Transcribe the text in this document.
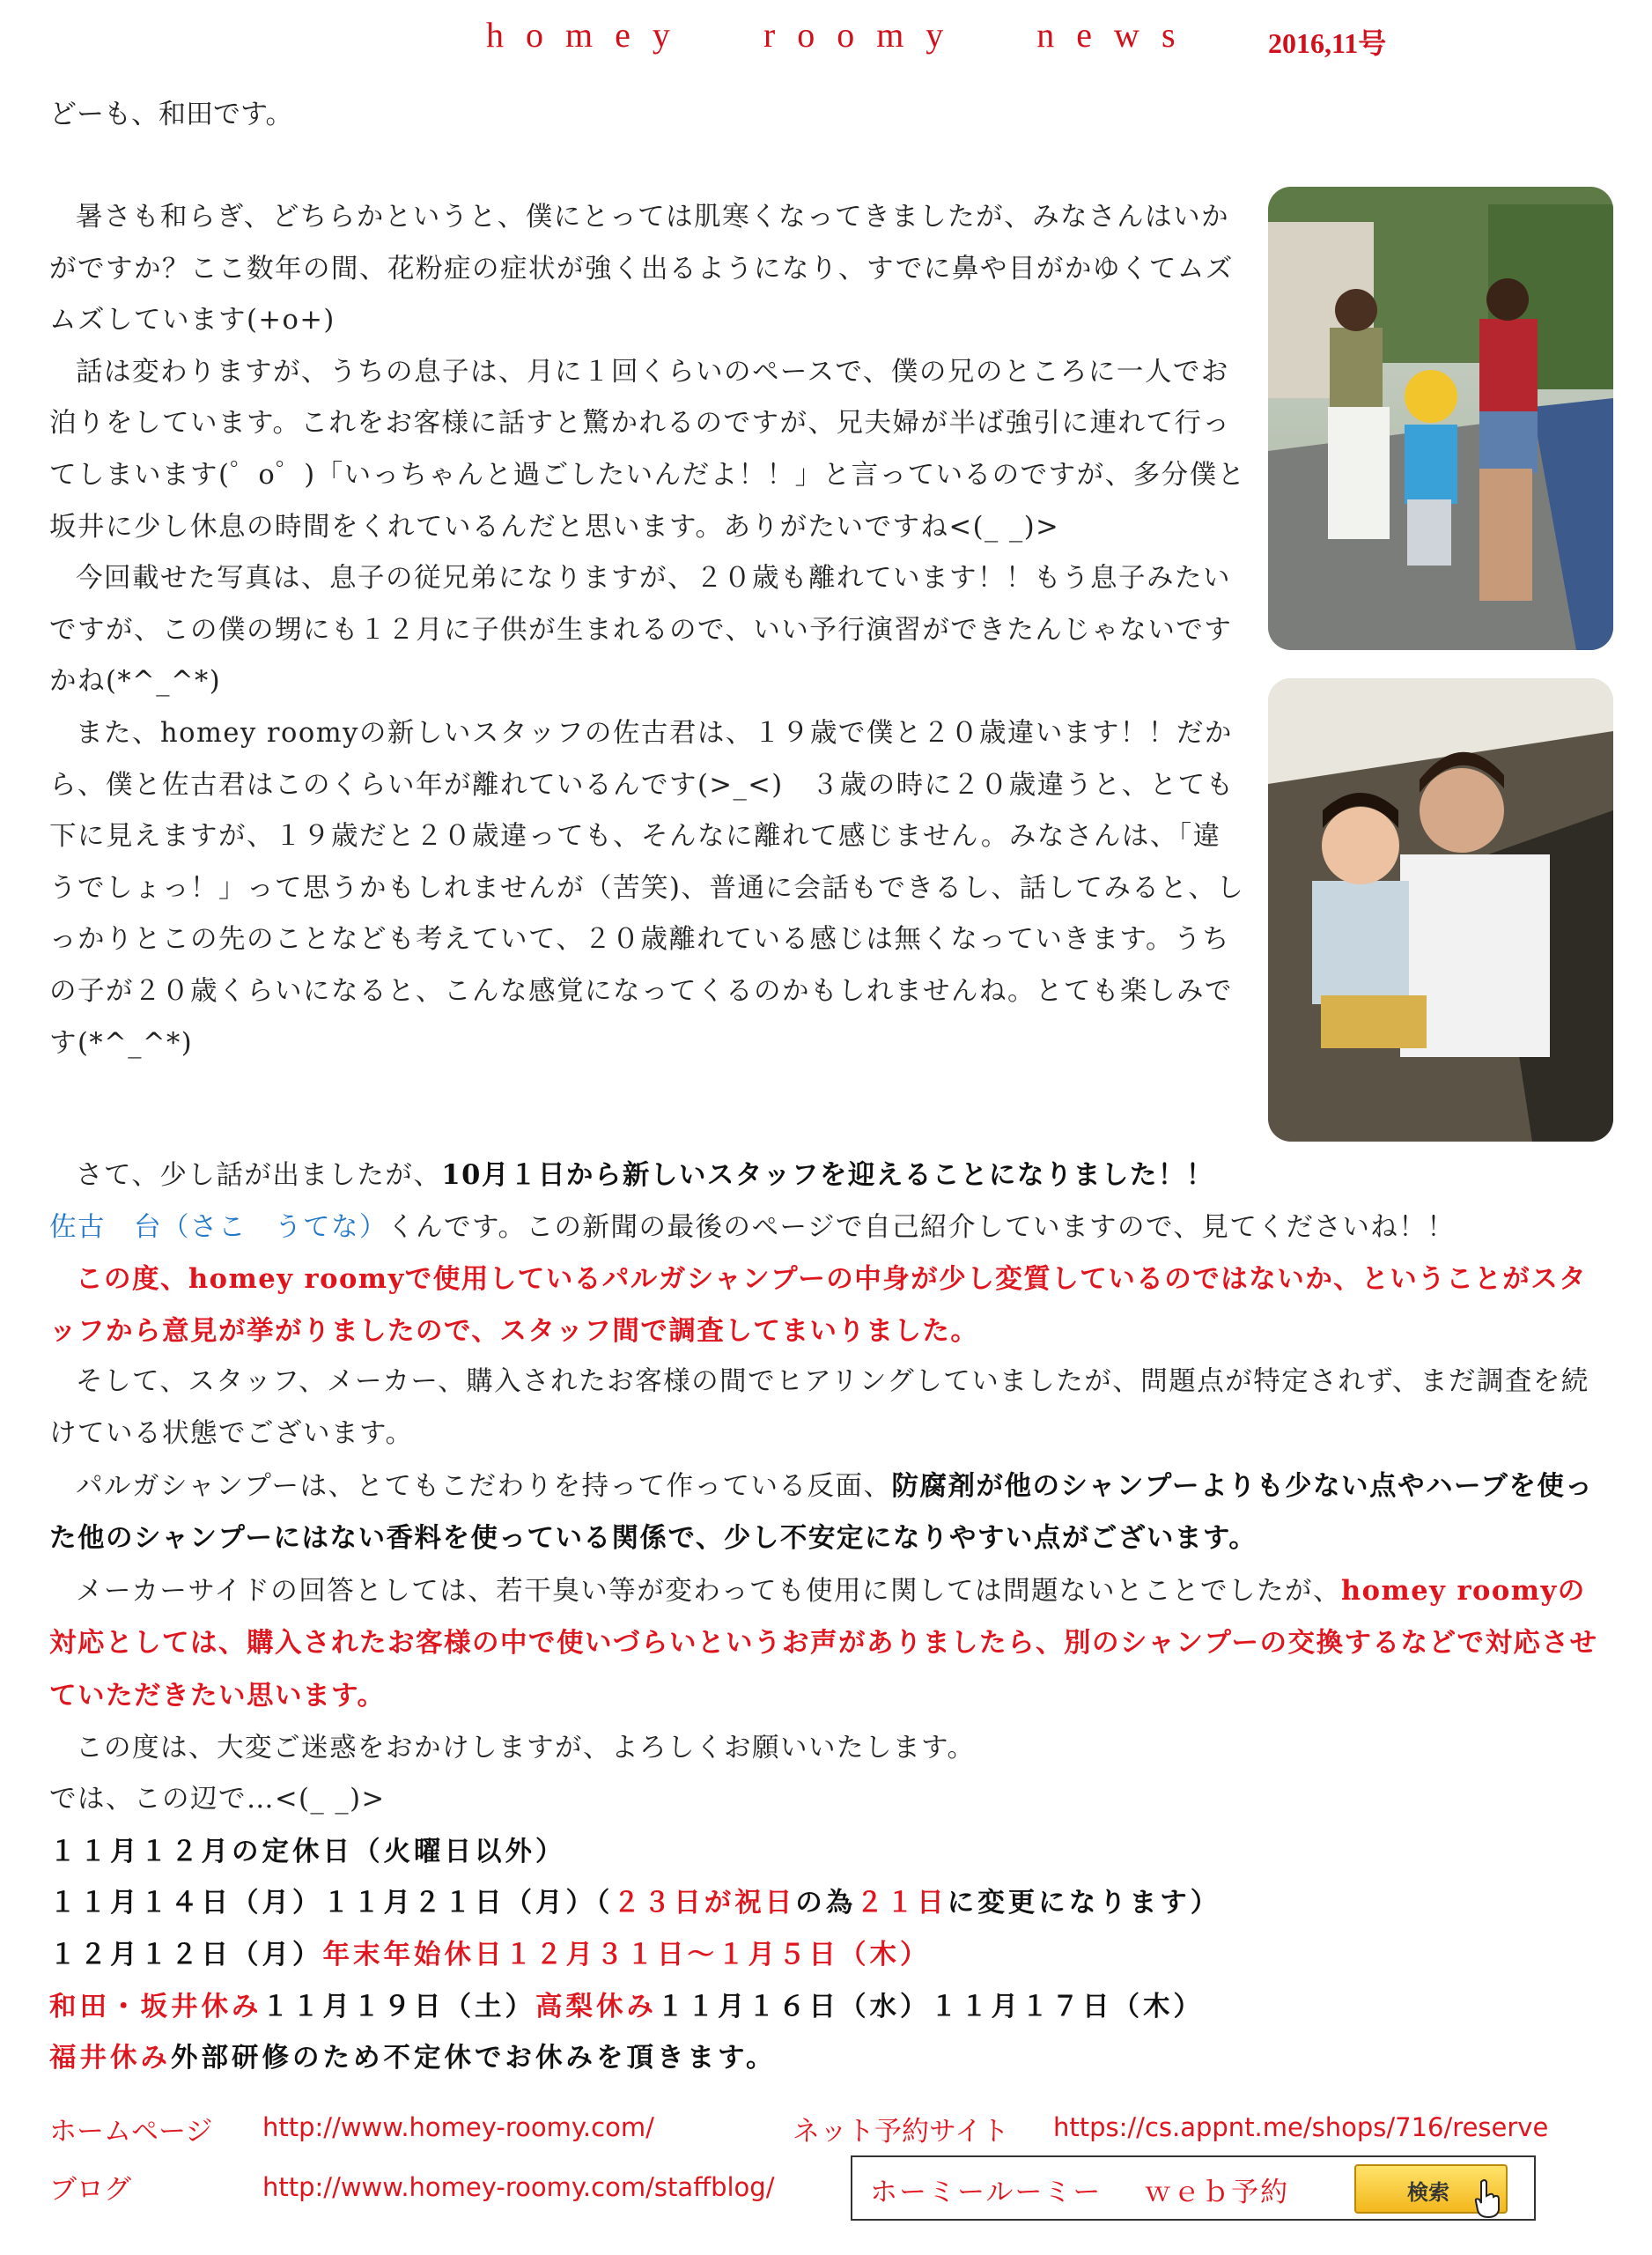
homey roomy news	2016,11号
どーも、和田です。

暑さも和らぎ、どちらかというと、僕にとっては肌寒くなってきましたが、みなさんはいかがですか？ここ数年の間、花粉症の症状が強く出るようになり、すでに鼻や目がかゆくてムズムズしています(+o+)

話は変わりますが、うちの息子は、月に１回くらいのペースで、僕の兄のところに一人でお泊りをしています。これをお客様に話すと驚かれるのですが、兄夫婦が半ば強引に連れて行ってしまいます(゜o゜)「いっちゃんと過ごしたいんだよ！！」と言っているのですが、多分僕と坂井に少し休息の時間をくれているんだと思います。ありがたいですね<(_ _)>

今回載せた写真は、息子の従兄弟になりますが、２０歳も離れています！！もう息子みたいですが、この僕の甥にも１２月に子供が生まれるので、いい予行演習ができたんじゃないですかね(*^_^*)

また、homey roomyの新しいスタッフの佐古君は、１９歳で僕と２０歳違います！！だから、僕と佐古君はこのくらい年が離れているんです(>_<)　３歳の時に２０歳違うと、とても下に見えますが、１９歳だと２０歳違っても、そんなに離れて感じません。みなさんは、「違うでしょっ！」って思うかもしれませんが（苦笑)、普通に会話もできるし、話してみると、しっかりとこの先のことなども考えていて、２０歳離れている感じは無くなっていきます。うちの子が２０歳くらいになると、こんな感覚になってくるのかもしれませんね。とても楽しみです(*^_^*)

さて、少し話が出ましたが、10月１日から新しいスタッフを迎えることになりました！！

佐古　台（さこ　うてな）くんです。この新聞の最後のページで自己紹介していますので、見てくださいね！！

この度、homey roomyで使用しているパルガシャンプーの中身が少し変質しているのではないか、ということがスタッフから意見が挙がりましたので、スタッフ間で調査してまいりました。

そして、スタッフ、メーカー、購入されたお客様の間でヒアリングしていましたが、問題点が特定されず、まだ調査を続けている状態でございます。

パルガシャンプーは、とてもこだわりを持って作っている反面、防腐剤が他のシャンプーよりも少ない点やハーブを使った他のシャンプーにはない香料を使っている関係で、少し不安定になりやすい点がございます。

メーカーサイドの回答としては、若干臭い等が変わっても使用に関しては問題ないとことでしたが、homey roomyの対応としては、購入されたお客様の中で使いづらいというお声がありましたら、別のシャンプーの交換するなどで対応させていただきたい思います。

この度は、大変ご迷惑をおかけしますが、よろしくお願いいたします。

では、この辺で…<(_ _)>

１１月１２月の定休日（火曜日以外）

１１月１４日（月）１１月２１日（月）（２３日が祝日の為２１日に変更になります）

１２月１２日（月）年末年始休日１２月３１日～１月５日（木）

和田・坂井休み１１月１９日（土）高梨休み１１月１６日（水）１１月１７日（木）

福井休み外部研修のため不定休でお休みを頂きます。

ホームページ http://www.homey-roomy.com/	ネット予約サイト https://cs.appnt.me/shops/716/reserve
ブログ	http://www.homey-roomy.com/staffblog/	ホーミールーミー ｗｅｂ予約	検索
